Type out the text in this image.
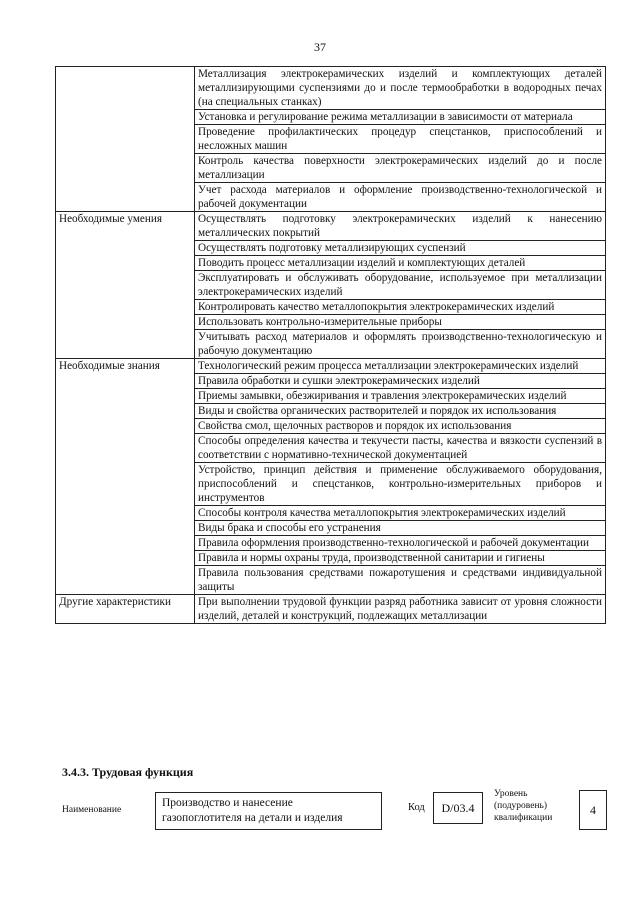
37
	Металлизация электрокерамических изделий и комплектующих деталей металлизирующими суспензиями до и после термообработки в водородных печах (на специальных станках)
	Установка и регулирование режима металлизации в зависимости от материала
	Проведение профилактических процедур спецстанков, приспособлений и несложных машин
	Контроль качества поверхности электрокерамических изделий до и после металлизации
	Учет расхода материалов и оформление производственно-технологической и рабочей документации
Необходимые умения	Осуществлять подготовку электрокерамических изделий к нанесению металлических покрытий
	Осуществлять подготовку металлизирующих суспензий
	Поводить процесс металлизации изделий и комплектующих деталей
	Эксплуатировать и обслуживать оборудование, используемое при металлизации электрокерамических изделий
	Контролировать качество металлопокрытия электрокерамических изделий
	Использовать контрольно-измерительные приборы
	Учитывать расход материалов и оформлять производственно-технологическую и рабочую документацию
Необходимые знания	Технологический режим процесса металлизации электрокерамических изделий
	Правила обработки и сушки электрокерамических изделий
	Приемы замывки, обезжиривания и травления электрокерамических изделий
	Виды и свойства органических растворителей и порядок их использования
	Свойства смол, щелочных растворов и порядок их использования
	Способы определения качества и текучести пасты, качества и вязкости суспензий в соответствии с нормативно-технической документацией
	Устройство, принцип действия и применение обслуживаемого оборудования, приспособлений и спецстанков, контрольно-измерительных приборов и инструментов
	Способы контроля качества металлопокрытия электрокерамических изделий
	Виды брака и способы его устранения
	Правила оформления производственно-технологической и рабочей документации
	Правила и нормы охраны труда, производственной санитарии и гигиены
	Правила пользования средствами пожаротушения и средствами индивидуальной защиты
Другие характеристики	При выполнении трудовой функции разряд работника зависит от уровня сложности изделий, деталей и конструкций, подлежащих металлизации
3.4.3. Трудовая функция
Наименование
Производство и нанесение газопоглотителя на детали и изделия
Код	D/03.4
Уровень (подуровень) квалификации
4
